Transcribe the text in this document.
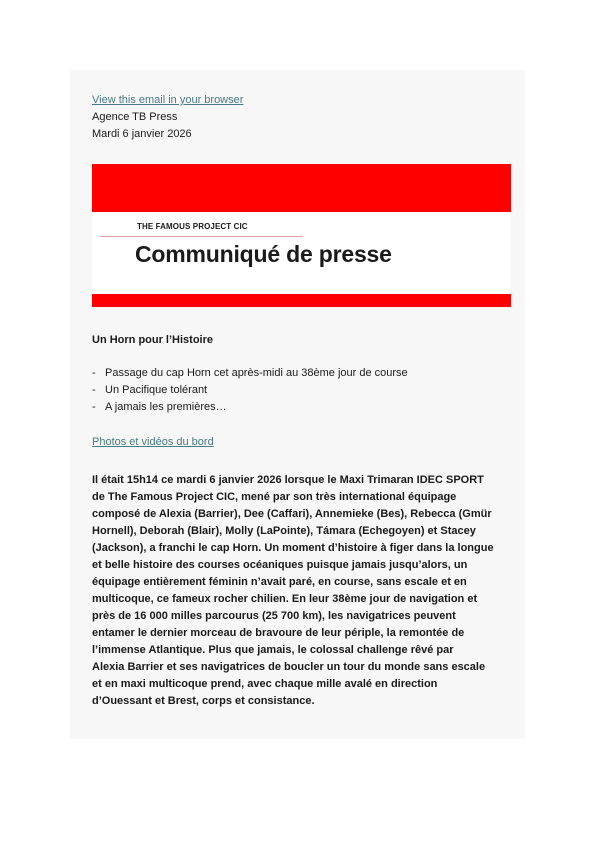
View this email in your browser
Agence TB Press
Mardi 6 janvier 2026
THE FAMOUS PROJECT CIC
Communiqué de presse
Un Horn pour l’Histoire
- Passage du cap Horn cet après-midi au 38ème jour de course
- Un Pacifique tolérant
- A jamais les premières…
Photos et vidéos du bord
Il était 15h14 ce mardi 6 janvier 2026 lorsque le Maxi Trimaran IDEC SPORT
de The Famous Project CIC, mené par son très international équipage
composé de Alexia (Barrier), Dee (Caffari), Annemieke (Bes), Rebecca (Gmür
Hornell), Deborah (Blair), Molly (LaPointe), Támara (Echegoyen) et Stacey
(Jackson), a franchi le cap Horn. Un moment d’histoire à figer dans la longue
et belle histoire des courses océaniques puisque jamais jusqu’alors, un
équipage entièrement féminin n’avait paré, en course, sans escale et en
multicoque, ce fameux rocher chilien. En leur 38ème jour de navigation et
près de 16 000 milles parcourus (25 700 km), les navigatrices peuvent
entamer le dernier morceau de bravoure de leur périple, la remontée de
l’immense Atlantique. Plus que jamais, le colossal challenge rêvé par
Alexia Barrier et ses navigatrices de boucler un tour du monde sans escale
et en maxi multicoque prend, avec chaque mille avalé en direction
d’Ouessant et Brest, corps et consistance.
